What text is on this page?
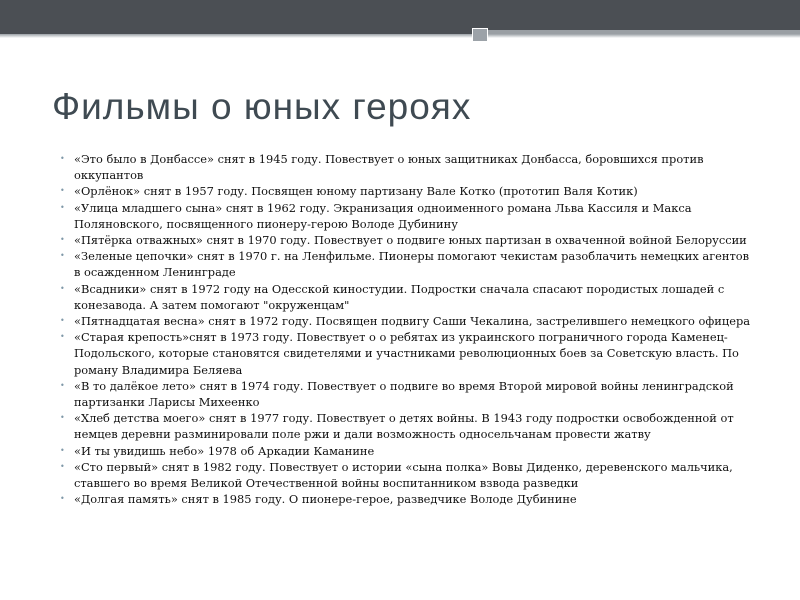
Фильмы о юных героях
• «Это было в Донбассе» снят в 1945 году. Повествует о юных защитниках Донбасса, боровшихся против оккупантов
• «Орлёнок» снят в 1957 году. Посвящен юному партизану Вале Котко (прототип Валя Котик)
• «Улица младшего сына» снят в 1962 году. Экранизация одноименного романа Льва Кассиля и Макса Поляновского, посвященного пионеру-герою Володе Дубинину
• «Пятёрка отважных» снят в 1970 году. Повествует о подвиге юных партизан в охваченной войной Белоруссии
• «Зеленые цепочки» снят в 1970 г. на Ленфильме. Пионеры помогают чекистам разоблачить немецких агентов в осажденном Ленинграде
• «Всадники» снят в 1972 году на Одесской киностудии. Подростки сначала спасают породистых лошадей с конезавода. А затем помогают "окруженцам"
• «Пятнадцатая весна» снят в 1972 году. Посвящен подвигу Саши Чекалина, застрелившего немецкого офицера
• «Старая крепость»снят в 1973 году. Повествует о о ребятах из украинского пограничного города Каменец-Подольского, которые становятся свидетелями и участниками революционных боев за Советскую власть. По роману Владимира Беляева
• «В то далёкое лето» снят в 1974 году. Повествует о подвиге во время Второй мировой войны ленинградской партизанки Ларисы Михеенко
• «Хлеб детства моего» снят в 1977 году. Повествует о детях войны. В 1943 году подростки освобожденной от немцев деревни разминировали поле ржи и дали возможность односельчанам провести жатву
• «И ты увидишь небо» 1978 об Аркадии Каманине
• «Сто первый» снят в 1982 году. Повествует о истории «сына полка» Вовы Диденко, деревенского мальчика, ставшего во время Великой Отечественной войны воспитанником взвода разведки
• «Долгая память» снят в 1985 году. О пионере-герое, разведчике Володе Дубинине
